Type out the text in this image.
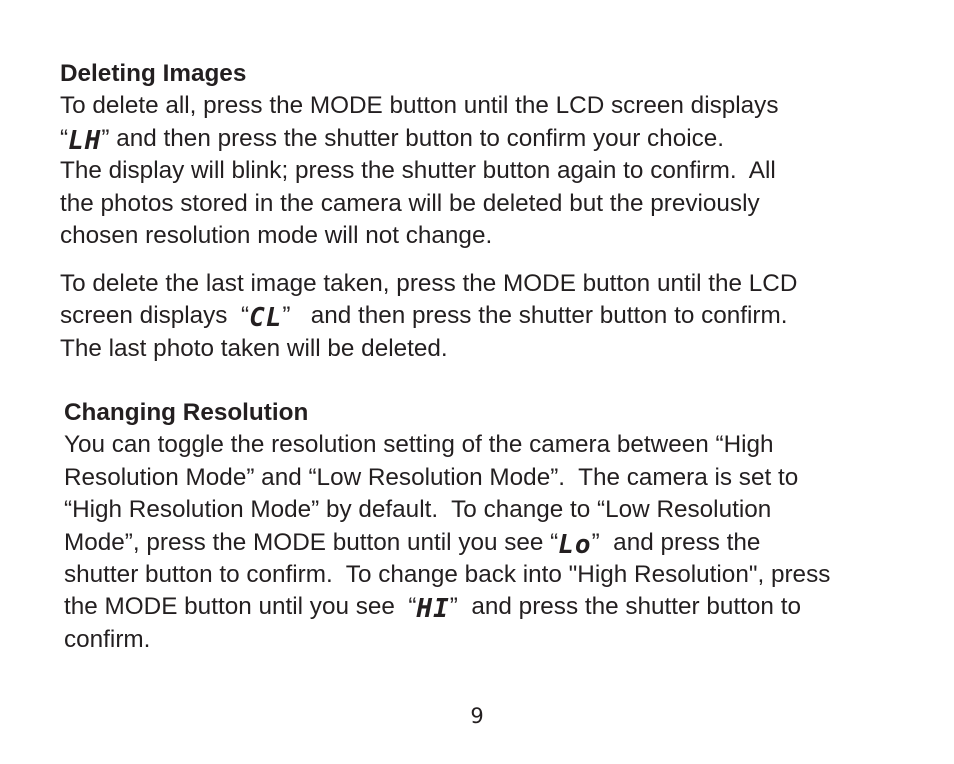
Deleting Images
To delete all, press the MODE button until the LCD screen displays
“LH” and then press the shutter button to confirm your choice.
The display will blink; press the shutter button again to confirm.  All
the photos stored in the camera will be deleted but the previously
chosen resolution mode will not change.
To delete the last image taken, press the MODE button until the LCD
screen displays  “CL”   and then press the shutter button to confirm.
The last photo taken will be deleted.
Changing Resolution
You can toggle the resolution setting of the camera between “High
Resolution Mode” and “Low Resolution Mode”.  The camera is set to
“High Resolution Mode” by default.  To change to “Low Resolution
Mode”, press the MODE button until you see “Lo”  and press the
shutter button to confirm.  To change back into "High Resolution", press
the MODE button until you see  “HI”  and press the shutter button to
confirm.
9
